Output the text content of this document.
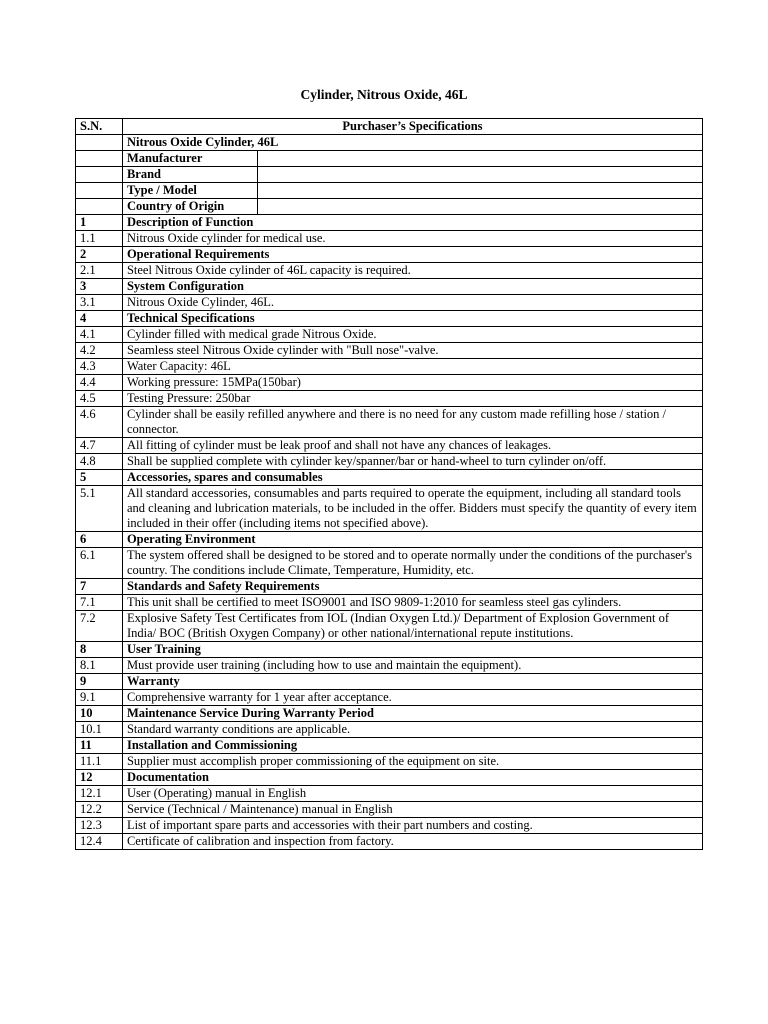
Cylinder, Nitrous Oxide, 46L
S.N.	Purchaser’s Specifications	
	Nitrous Oxide Cylinder, 46L	
	Manufacturer	
	Brand	
	Type / Model	
	Country of Origin	
1	Description of Function	
1.1	Nitrous Oxide cylinder for medical use.	
2	Operational Requirements	
2.1	Steel Nitrous Oxide cylinder of 46L capacity is required.	
3	System Configuration	
3.1	Nitrous Oxide Cylinder, 46L.	
4	Technical Specifications	
4.1	Cylinder filled with medical grade Nitrous Oxide.	
4.2	Seamless steel Nitrous Oxide cylinder with "Bull nose"-valve.	
4.3	Water Capacity: 46L	
4.4	Working pressure: 15MPa(150bar)	
4.5	Testing Pressure: 250bar	
4.6	Cylinder shall be easily refilled anywhere and there is no need for any custom made refilling hose / station / connector.	
4.7	All fitting of cylinder must be leak proof and shall not have any chances of leakages.	
4.8	Shall be supplied complete with cylinder key/spanner/bar or hand-wheel to turn cylinder on/off.	
5	Accessories, spares and consumables	
5.1	All standard accessories, consumables and parts required to operate the equipment, including all standard tools and cleaning and lubrication materials, to be included in the offer. Bidders must specify the quantity of every item included in their offer (including items not specified above).	
6	Operating Environment	
6.1	The system offered shall be designed to be stored and to operate normally under the conditions of the purchaser's country. The conditions include Climate, Temperature, Humidity, etc.	
7	Standards and Safety Requirements	
7.1	This unit shall be certified to meet ISO9001 and ISO 9809-1:2010 for seamless steel gas cylinders.	
7.2	Explosive Safety Test Certificates from IOL (Indian Oxygen Ltd.)/ Department of Explosion Government of India/ BOC (British Oxygen Company) or other national/international repute institutions.	
8	User Training	
8.1	Must provide user training (including how to use and maintain the equipment).	
9	Warranty	
9.1	Comprehensive warranty for 1 year after acceptance.	
10	Maintenance Service During Warranty Period	
10.1	Standard warranty conditions are applicable.	
11	Installation and Commissioning	
11.1	Supplier must accomplish proper commissioning of the equipment on site.	
12	Documentation	
12.1	User (Operating) manual in English	
12.2	Service (Technical / Maintenance) manual in English	
12.3	List of important spare parts and accessories with their part numbers and costing.	
12.4	Certificate of calibration and inspection from factory.	
